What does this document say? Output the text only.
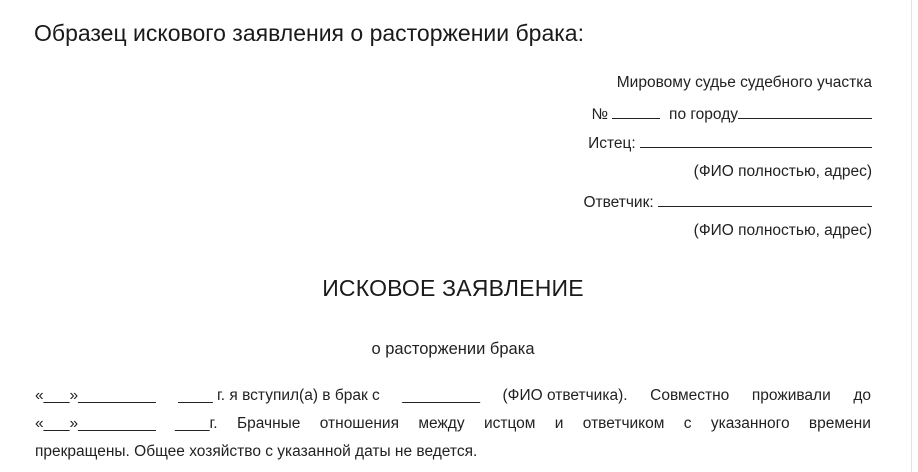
Образец искового заявления о расторжении брака:
Мировому судье судебного участка
№	по городу
Истец:
(ФИО полностью, адрес)
Ответчик:
(ФИО полностью, адрес)
ИСКОВОЕ ЗАЯВЛЕНИЕ
о расторжении брака
«___»_________ ____ г. я вступил(а) в брак с _________ (ФИО ответчика). Совместно проживали до
«___»_________ ____г. Брачные отношения между истцом и ответчиком с указанного времени
прекращены. Общее хозяйство с указанной даты не ведется.
